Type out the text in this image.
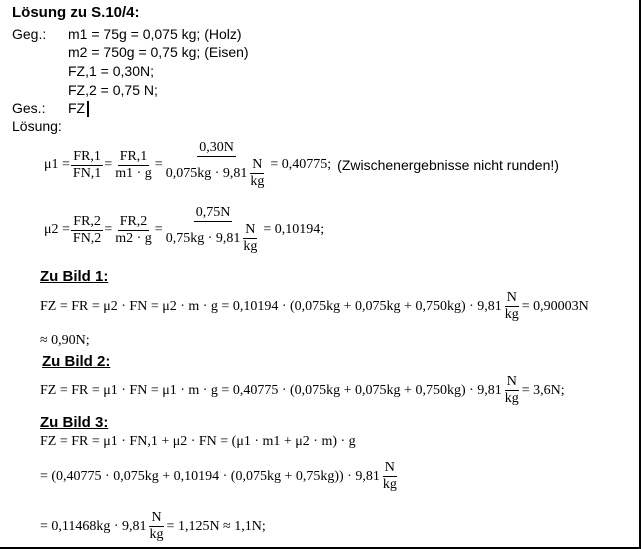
Lösung zu S.10/4:
Geg.: m1 = 75g = 0,075 kg; (Holz)
m2 = 750g = 0,75 kg; (Eisen)
FZ,1 = 0,30N;
FZ,2 = 0,75 N;
Ges.: FZ
Lösung:
$\mu 1 = \frac{FR,1}{FN,1} = \frac{FR,1}{m1 \cdot g} = \frac{0,30N}{0,075kg \cdot 9,81 \frac{N}{kg}} = 0,40775$; (Zwischenergebnisse nicht runden!)
$\mu 2 = \frac{FR,2}{FN,2} = \frac{FR,2}{m2 \cdot g} = \frac{0,75N}{0,75kg \cdot 9,81 \frac{N}{kg}} = 0,10194$;
Zu Bild 1:
FZ = FR = μ2 · FN = $\mu 2 \cdot m \cdot g = 0,10194 \cdot (0,075kg + 0,075kg + 0,750kg) \cdot 9,81 \frac{N}{kg} = 0,90003N$
≈ 0,90N;
Zu Bild 2:
FZ = FR = μ1 · FN = $\mu 1 \cdot m \cdot g = 0,40775 \cdot (0,075kg + 0,075kg + 0,750kg) \cdot 9,81 \frac{N}{kg} = 3,6N$;
Zu Bild 3:
FZ = FR = μ1 · FN,1 + μ2 · FN = (μ1 · m1 + μ2 · m) · g
= $(0,40775 \cdot 0,075kg + 0,10194 \cdot (0,075kg + 0,75kg)) \cdot 9,81 \frac{N}{kg}$
= $0,11468kg \cdot 9,81 \frac{N}{kg} = 1,125N \approx 1,1N$;
